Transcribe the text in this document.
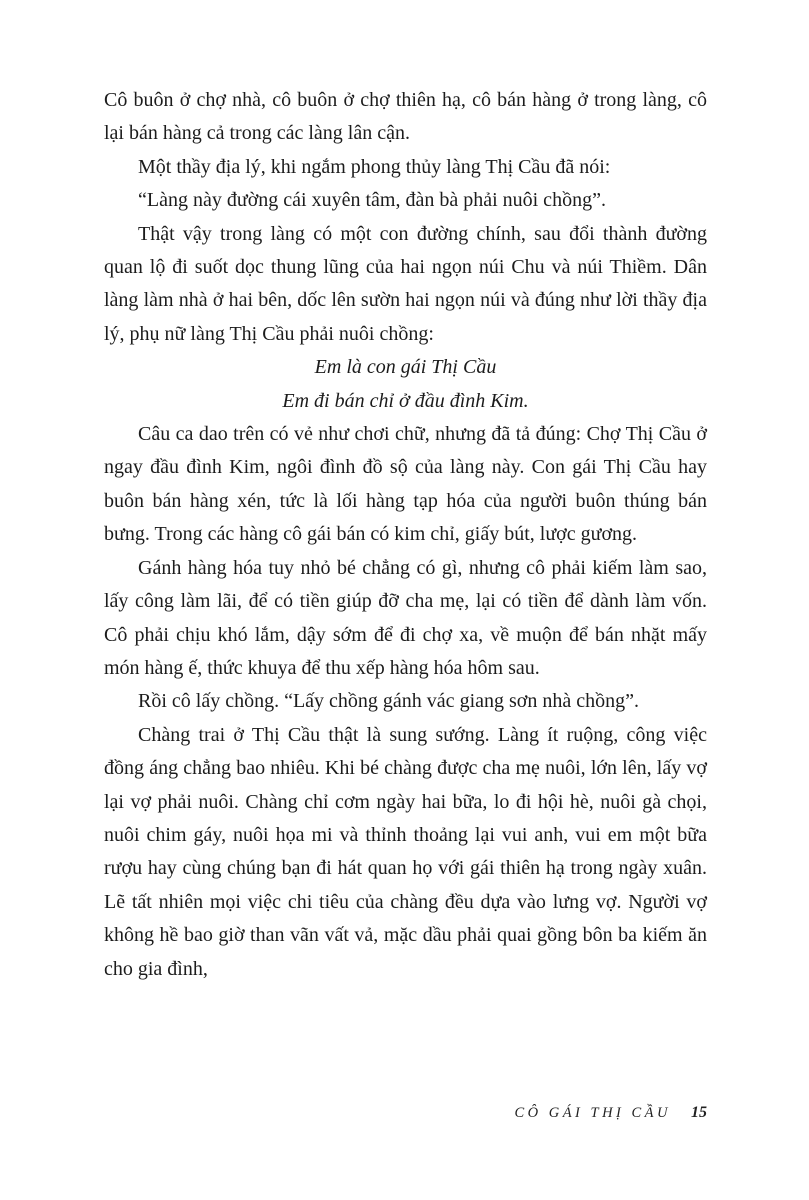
Cô buôn ở chợ nhà, cô buôn ở chợ thiên hạ, cô bán hàng ở trong làng, cô lại bán hàng cả trong các làng lân cận.

Một thầy địa lý, khi ngắm phong thủy làng Thị Cầu đã nói:

“Làng này đường cái xuyên tâm, đàn bà phải nuôi chồng”.

Thật vậy trong làng có một con đường chính, sau đổi thành đường quan lộ đi suốt dọc thung lũng của hai ngọn núi Chu và núi Thiềm. Dân làng làm nhà ở hai bên, dốc lên sườn hai ngọn núi và đúng như lời thầy địa lý, phụ nữ làng Thị Cầu phải nuôi chồng:

Em là con gái Thị Cầu

Em đi bán chỉ ở đầu đình Kim.

Câu ca dao trên có vẻ như chơi chữ, nhưng đã tả đúng: Chợ Thị Cầu ở ngay đầu đình Kim, ngôi đình đồ sộ của làng này. Con gái Thị Cầu hay buôn bán hàng xén, tức là lối hàng tạp hóa của người buôn thúng bán bưng. Trong các hàng cô gái bán có kim chỉ, giấy bút, lược gương.

Gánh hàng hóa tuy nhỏ bé chẳng có gì, nhưng cô phải kiếm làm sao, lấy công làm lãi, để có tiền giúp đỡ cha mẹ, lại có tiền để dành làm vốn. Cô phải chịu khó lắm, dậy sớm để đi chợ xa, về muộn để bán nhặt mấy món hàng ế, thức khuya để thu xếp hàng hóa hôm sau.

Rồi cô lấy chồng. “Lấy chồng gánh vác giang sơn nhà chồng”.

Chàng trai ở Thị Cầu thật là sung sướng. Làng ít ruộng, công việc đồng áng chẳng bao nhiêu. Khi bé chàng được cha mẹ nuôi, lớn lên, lấy vợ lại vợ phải nuôi. Chàng chỉ cơm ngày hai bữa, lo đi hội hè, nuôi gà chọi, nuôi chim gáy, nuôi họa mi và thỉnh thoảng lại vui anh, vui em một bữa rượu hay cùng chúng bạn đi hát quan họ với gái thiên hạ trong ngày xuân. Lẽ tất nhiên mọi việc chi tiêu của chàng đều dựa vào lưng vợ. Người vợ không hề bao giờ than vãn vất vả, mặc dầu phải quai gồng bôn ba kiếm ăn cho gia đình,

CÔ GÁI THỊ CẦU 15
